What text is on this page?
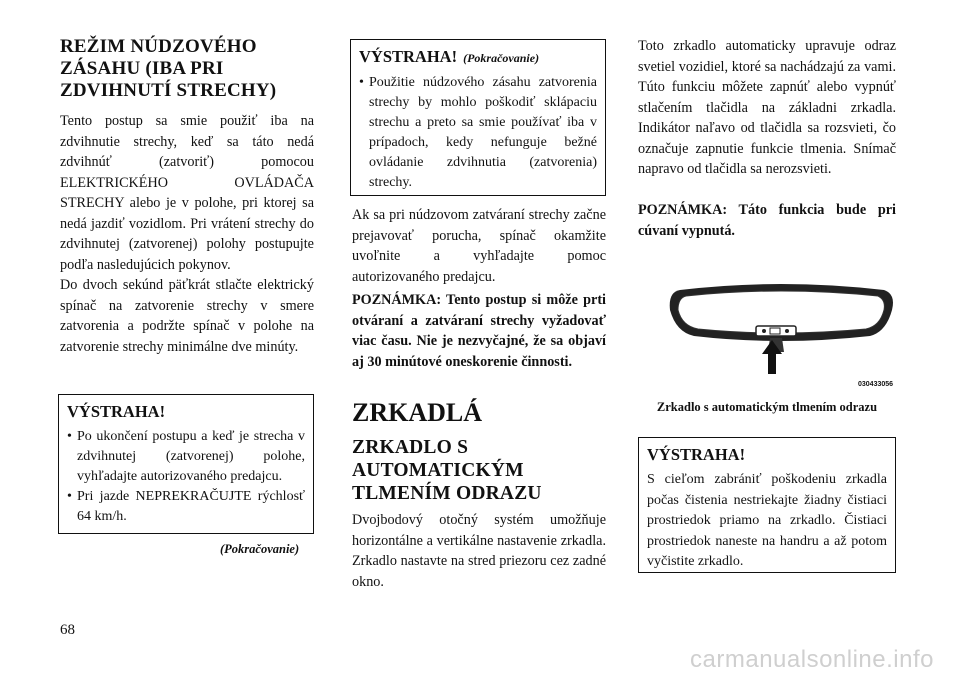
REŽIM NÚDZOVÉHO ZÁSAHU (IBA PRI ZDVIHNUTÍ STRECHY)

Tento postup sa smie použiť iba na zdvihnutie strechy, keď sa táto nedá zdvihnúť (zatvoriť) pomocou ELEKTRICKÉHO OVLÁDAČA STRECHY alebo je v polohe, pri ktorej sa nedá jazdiť vozidlom. Pri vrátení strechy do zdvihnutej (zatvorenej) polohy postupujte podľa nasledujúcich pokynov.

Do dvoch sekúnd päťkrát stlačte elektrický spínač na zatvorenie strechy v smere zatvorenia a podržte spínač v polohe na zatvorenie strechy minimálne dve minúty.

VÝSTRAHA!
• Po ukončení postupu a keď je strecha v zdvihnutej (zatvorenej) polohe, vyhľadajte autorizovaného predajcu.
• Pri jazde NEPREKRAČUJTE rýchlosť 64 km/h.
(Pokračovanie)
VÝSTRAHA! (Pokračovanie)
• Použitie núdzového zásahu zatvorenia strechy by mohlo poškodiť sklápaciu strechu a preto sa smie používať iba v prípadoch, kedy nefunguje bežné ovládanie zdvihnutia (zatvorenia) strechy.

Ak sa pri núdzovom zatváraní strechy začne prejavovať porucha, spínač okamžite uvoľnite a vyhľadajte pomoc autorizovaného predajcu.

POZNÁMKA: Tento postup si môže prti otváraní a zatváraní strechy vyžadovať viac času. Nie je nezvyčajné, že sa objaví aj 30 minútové oneskorenie činnosti.

ZRKADLÁ
ZRKADLO S AUTOMATICKÝM TLMENÍM ODRAZU

Dvojbodový otočný systém umožňuje horizontálne a vertikálne nastavenie zrkadla. Zrkadlo nastavte na stred priezoru cez zadné okno.

Toto zrkadlo automaticky upravuje odraz svetiel vozidiel, ktoré sa nachádzajú za vami. Túto funkciu môžete zapnúť alebo vypnúť stlačením tlačidla na základni zrkadla. Indikátor naľavo od tlačidla sa rozsvieti, čo označuje zapnutie funkcie tlmenia. Snímač napravo od tlačidla sa nerozsvieti.

POZNÁMKA: Táto funkcia bude pri cúvaní vypnutá.

030433056
Zrkadlo s automatickým tlmením odrazu
VÝSTRAHA!

S cieľom zabrániť poškodeniu zrkadla počas čistenia nestriekajte žiadny čistiaci prostriedok priamo na zrkadlo. Čistiaci prostriedok naneste na handru a až potom vyčistite zrkadlo.

68
carmanualsonline.info
